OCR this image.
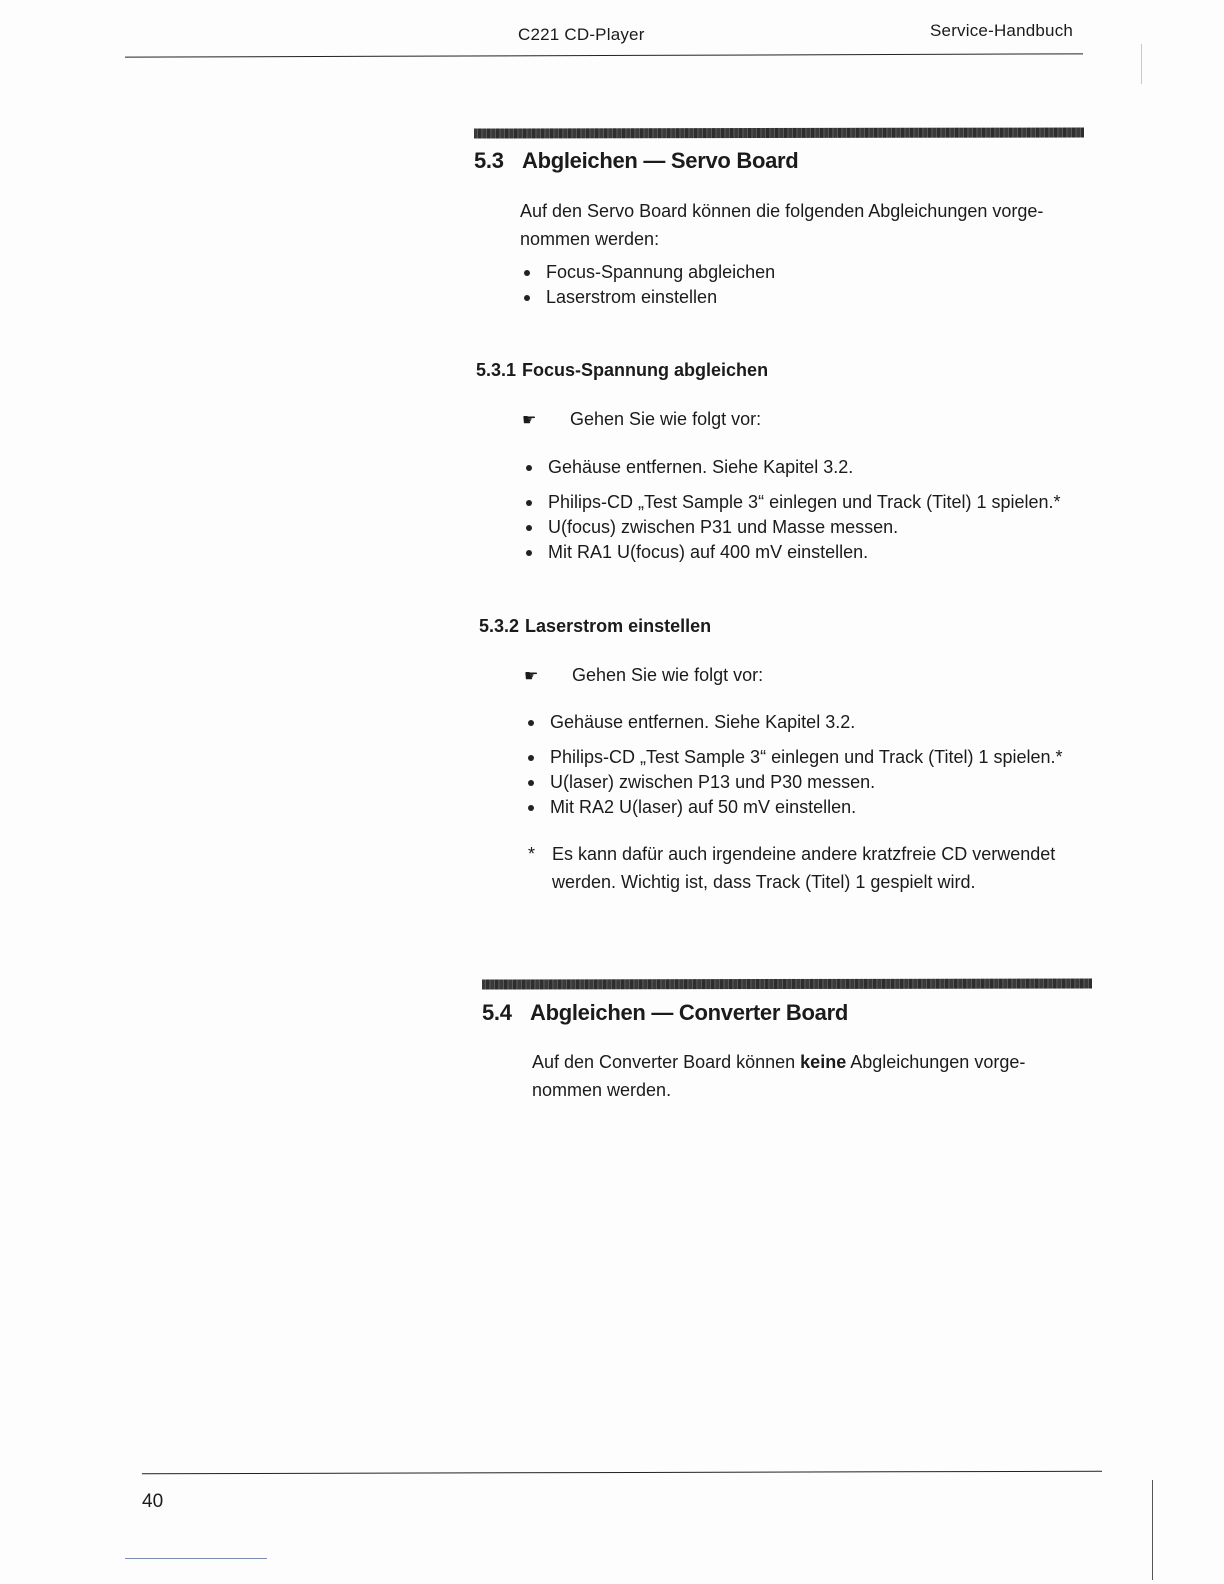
C221 CD-Player	Service-Handbuch
5.3 Abgleichen — Servo Board
Auf den Servo Board können die folgenden Abgleichungen vorge-
nommen werden:
Focus-Spannung abgleichen
Laserstrom einstellen
5.3.1 Focus-Spannung abgleichen
☛ Gehen Sie wie folgt vor:
Gehäuse entfernen. Siehe Kapitel 3.2.
Philips-CD „Test Sample 3“ einlegen und Track (Titel) 1 spielen.*
U(focus) zwischen P31 und Masse messen.
Mit RA1 U(focus) auf 400 mV einstellen.
5.3.2 Laserstrom einstellen
☛ Gehen Sie wie folgt vor:
Gehäuse entfernen. Siehe Kapitel 3.2.
Philips-CD „Test Sample 3“ einlegen und Track (Titel) 1 spielen.*
U(laser) zwischen P13 und P30 messen.
Mit RA2 U(laser) auf 50 mV einstellen.
* Es kann dafür auch irgendeine andere kratzfreie CD verwendet
werden. Wichtig ist, dass Track (Titel) 1 gespielt wird.
5.4 Abgleichen — Converter Board
Auf den Converter Board können keine Abgleichungen vorge-
nommen werden.
40
